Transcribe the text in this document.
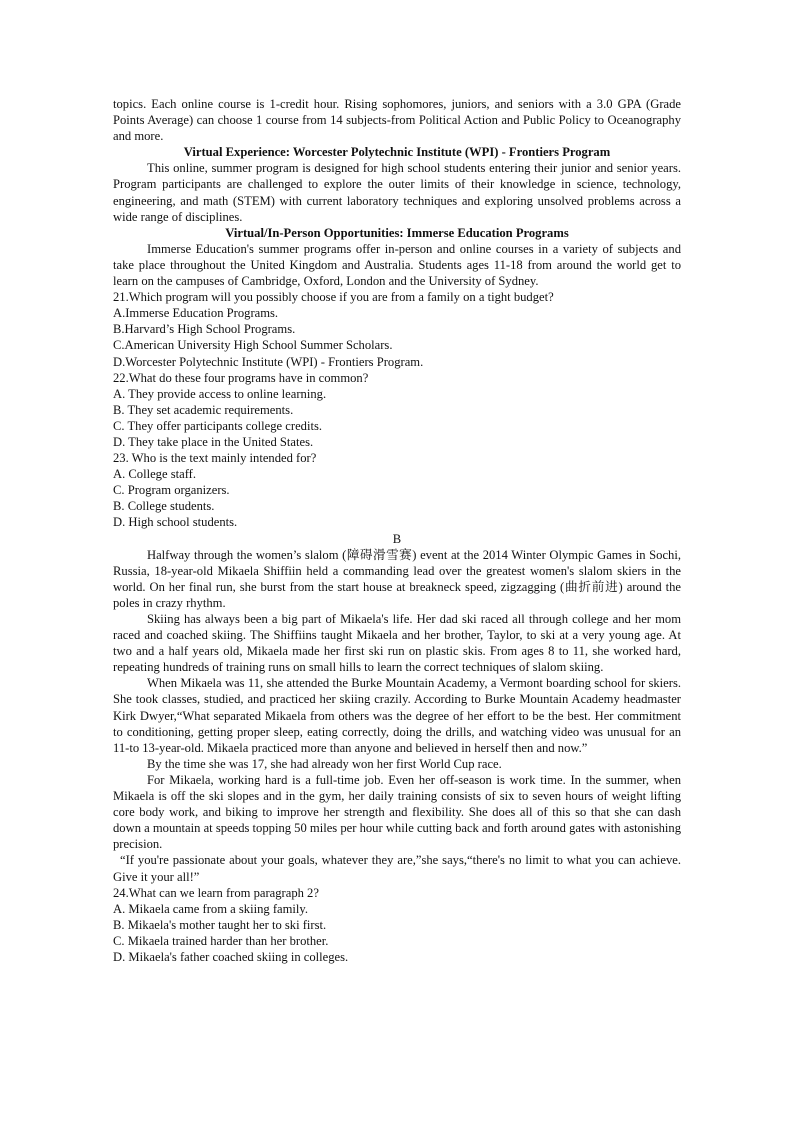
topics. Each online course is 1-credit hour. Rising sophomores, juniors, and seniors with a 3.0 GPA (Grade Points Average) can choose 1 course from 14 subjects-from Political Action and Public Policy to Oceanography and more.

Virtual Experience: Worcester Polytechnic Institute (WPI) - Frontiers Program

This online, summer program is designed for high school students entering their junior and senior years. Program participants are challenged to explore the outer limits of their knowledge in science, technology, engineering, and math (STEM) with current laboratory techniques and exploring unsolved problems across a wide range of disciplines.

Virtual/In-Person Opportunities: Immerse Education Programs

Immerse Education's summer programs offer in-person and online courses in a variety of subjects and take place throughout the United Kingdom and Australia. Students ages 11-18 from around the world get to learn on the campuses of Cambridge, Oxford, London and the University of Sydney.

21.Which program will you possibly choose if you are from a family on a tight budget?

A.Immerse Education Programs.

B.Harvard’s High School Programs.

C.American University High School Summer Scholars.

D.Worcester Polytechnic Institute (WPI) - Frontiers Program.

22.What do these four programs have in common?

A. They provide access to online learning.

B. They set academic requirements.

C. They offer participants college credits.

D. They take place in the United States.

23. Who is the text mainly intended for?

A. College staff.

C. Program organizers.

B. College students.

D. High school students.

B

Halfway through the women’s slalom (障碍滑雪赛) event at the 2014 Winter Olympic Games in Sochi, Russia, 18-year-old Mikaela Shiffiin held a commanding lead over the greatest women's slalom skiers in the world. On her final run, she burst from the start house at breakneck speed, zigzagging (曲折前进) around the poles in crazy rhythm.

Skiing has always been a big part of Mikaela's life. Her dad ski raced all through college and her mom raced and coached skiing. The Shiffiins taught Mikaela and her brother, Taylor, to ski at a very young age. At two and a half years old, Mikaela made her first ski run on plastic skis. From ages 8 to 11, she worked hard, repeating hundreds of training runs on small hills to learn the correct techniques of slalom skiing.

When Mikaela was 11, she attended the Burke Mountain Academy, a Vermont boarding school for skiers. She took classes, studied, and practiced her skiing crazily. According to Burke Mountain Academy headmaster Kirk Dwyer,“What separated Mikaela from others was the degree of her effort to be the best. Her commitment to conditioning, getting proper sleep, eating correctly, doing the drills, and watching video was unusual for an 11-to 13-year-old. Mikaela practiced more than anyone and believed in herself then and now.”

By the time she was 17, she had already won her first World Cup race.

For Mikaela, working hard is a full-time job. Even her off-season is work time. In the summer, when Mikaela is off the ski slopes and in the gym, her daily training consists of six to seven hours of weight lifting core body work, and biking to improve her strength and flexibility. She does all of this so that she can dash down a mountain at speeds topping 50 miles per hour while cutting back and forth around gates with astonishing precision.

“If you're passionate about your goals, whatever they are,”she says,“there's no limit to what you can achieve. Give it your all!”

24.What can we learn from paragraph 2?

A. Mikaela came from a skiing family.

B. Mikaela's mother taught her to ski first.

C. Mikaela trained harder than her brother.

D. Mikaela's father coached skiing in colleges.
